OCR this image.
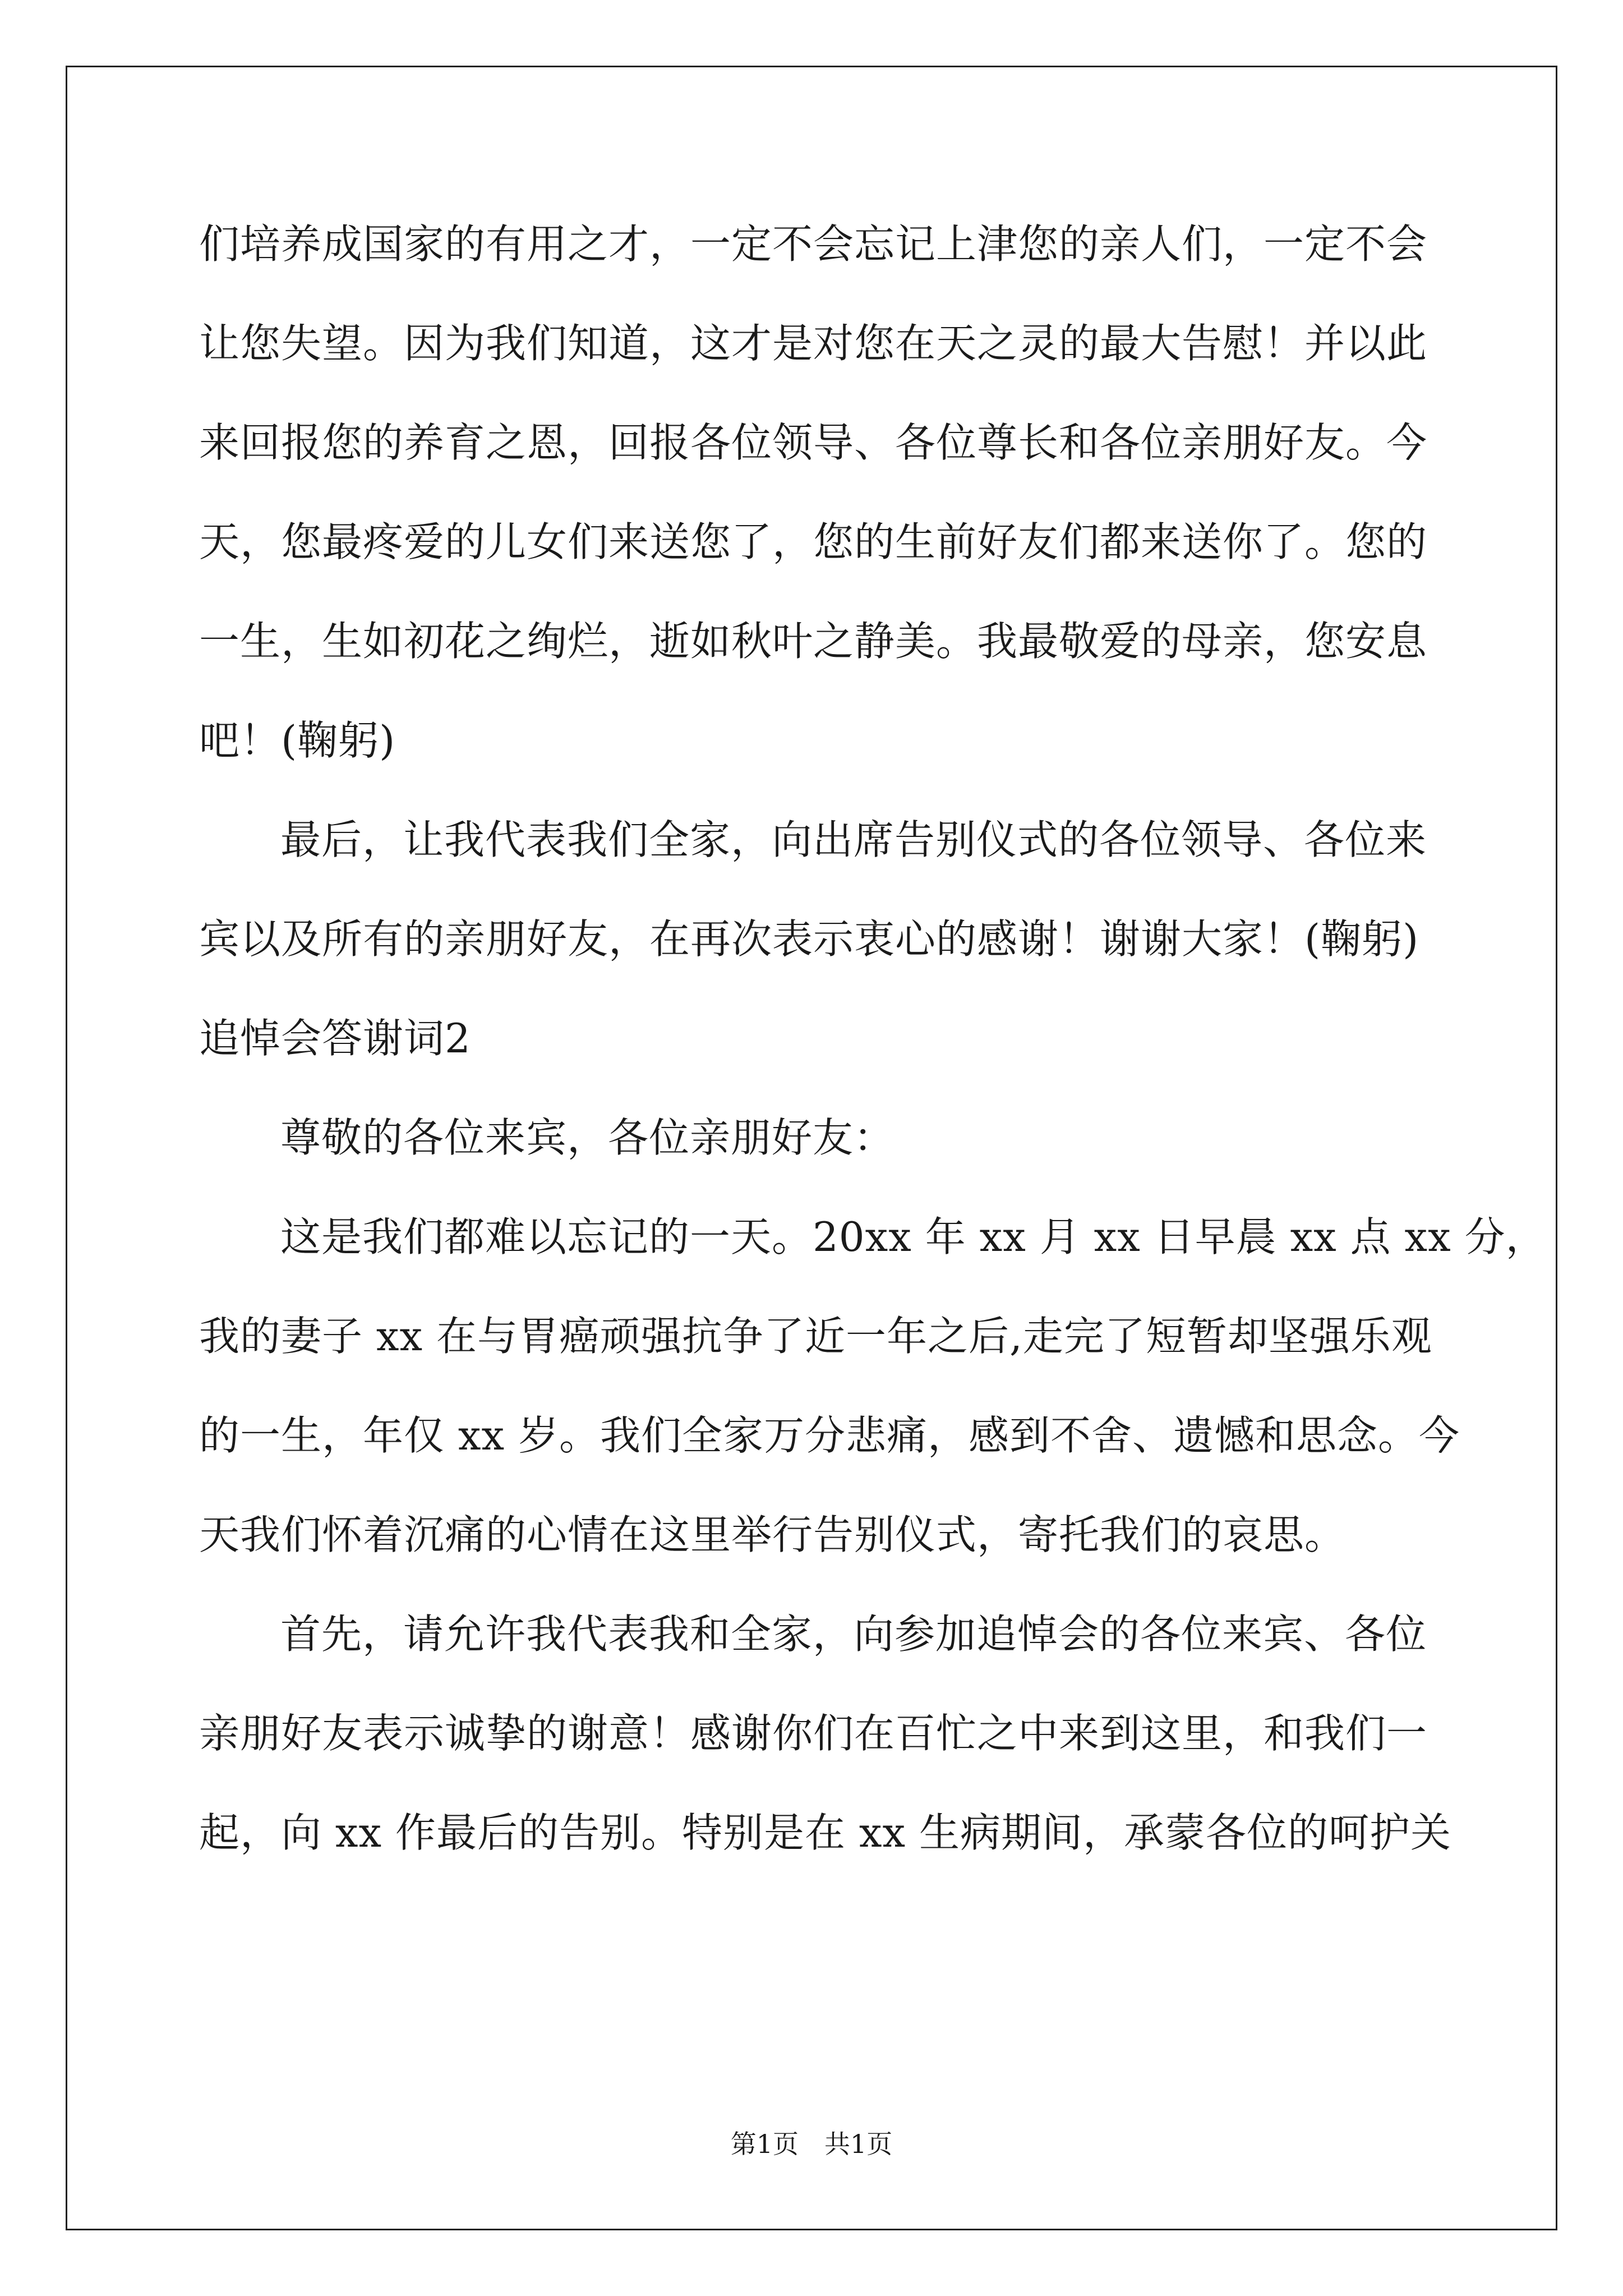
们培养成国家的有用之才，一定不会忘记上津您的亲人们，一定不会
让您失望。因为我们知道，这才是对您在天之灵的最大告慰！并以此
来回报您的养育之恩，回报各位领导、各位尊长和各位亲朋好友。今
天，您最疼爱的儿女们来送您了，您的生前好友们都来送你了。您的
一生，生如初花之绚烂，逝如秋叶之静美。我最敬爱的母亲，您安息
吧！(鞠躬)
最后，让我代表我们全家，向出席告别仪式的各位领导、各位来
宾以及所有的亲朋好友，在再次表示衷心的感谢！谢谢大家！(鞠躬)
追悼会答谢词2
尊敬的各位来宾，各位亲朋好友：
这是我们都难以忘记的一天。20xx 年 xx 月 xx 日早晨 xx 点 xx 分，
我的妻子 xx 在与胃癌顽强抗争了近一年之后,走完了短暂却坚强乐观
的一生，年仅 xx 岁。我们全家万分悲痛，感到不舍、遗憾和思念。今
天我们怀着沉痛的心情在这里举行告别仪式，寄托我们的哀思。
首先，请允许我代表我和全家，向参加追悼会的各位来宾、各位
亲朋好友表示诚挚的谢意！感谢你们在百忙之中来到这里，和我们一
起，向 xx 作最后的告别。特别是在 xx 生病期间，承蒙各位的呵护关
第1页　共1页
